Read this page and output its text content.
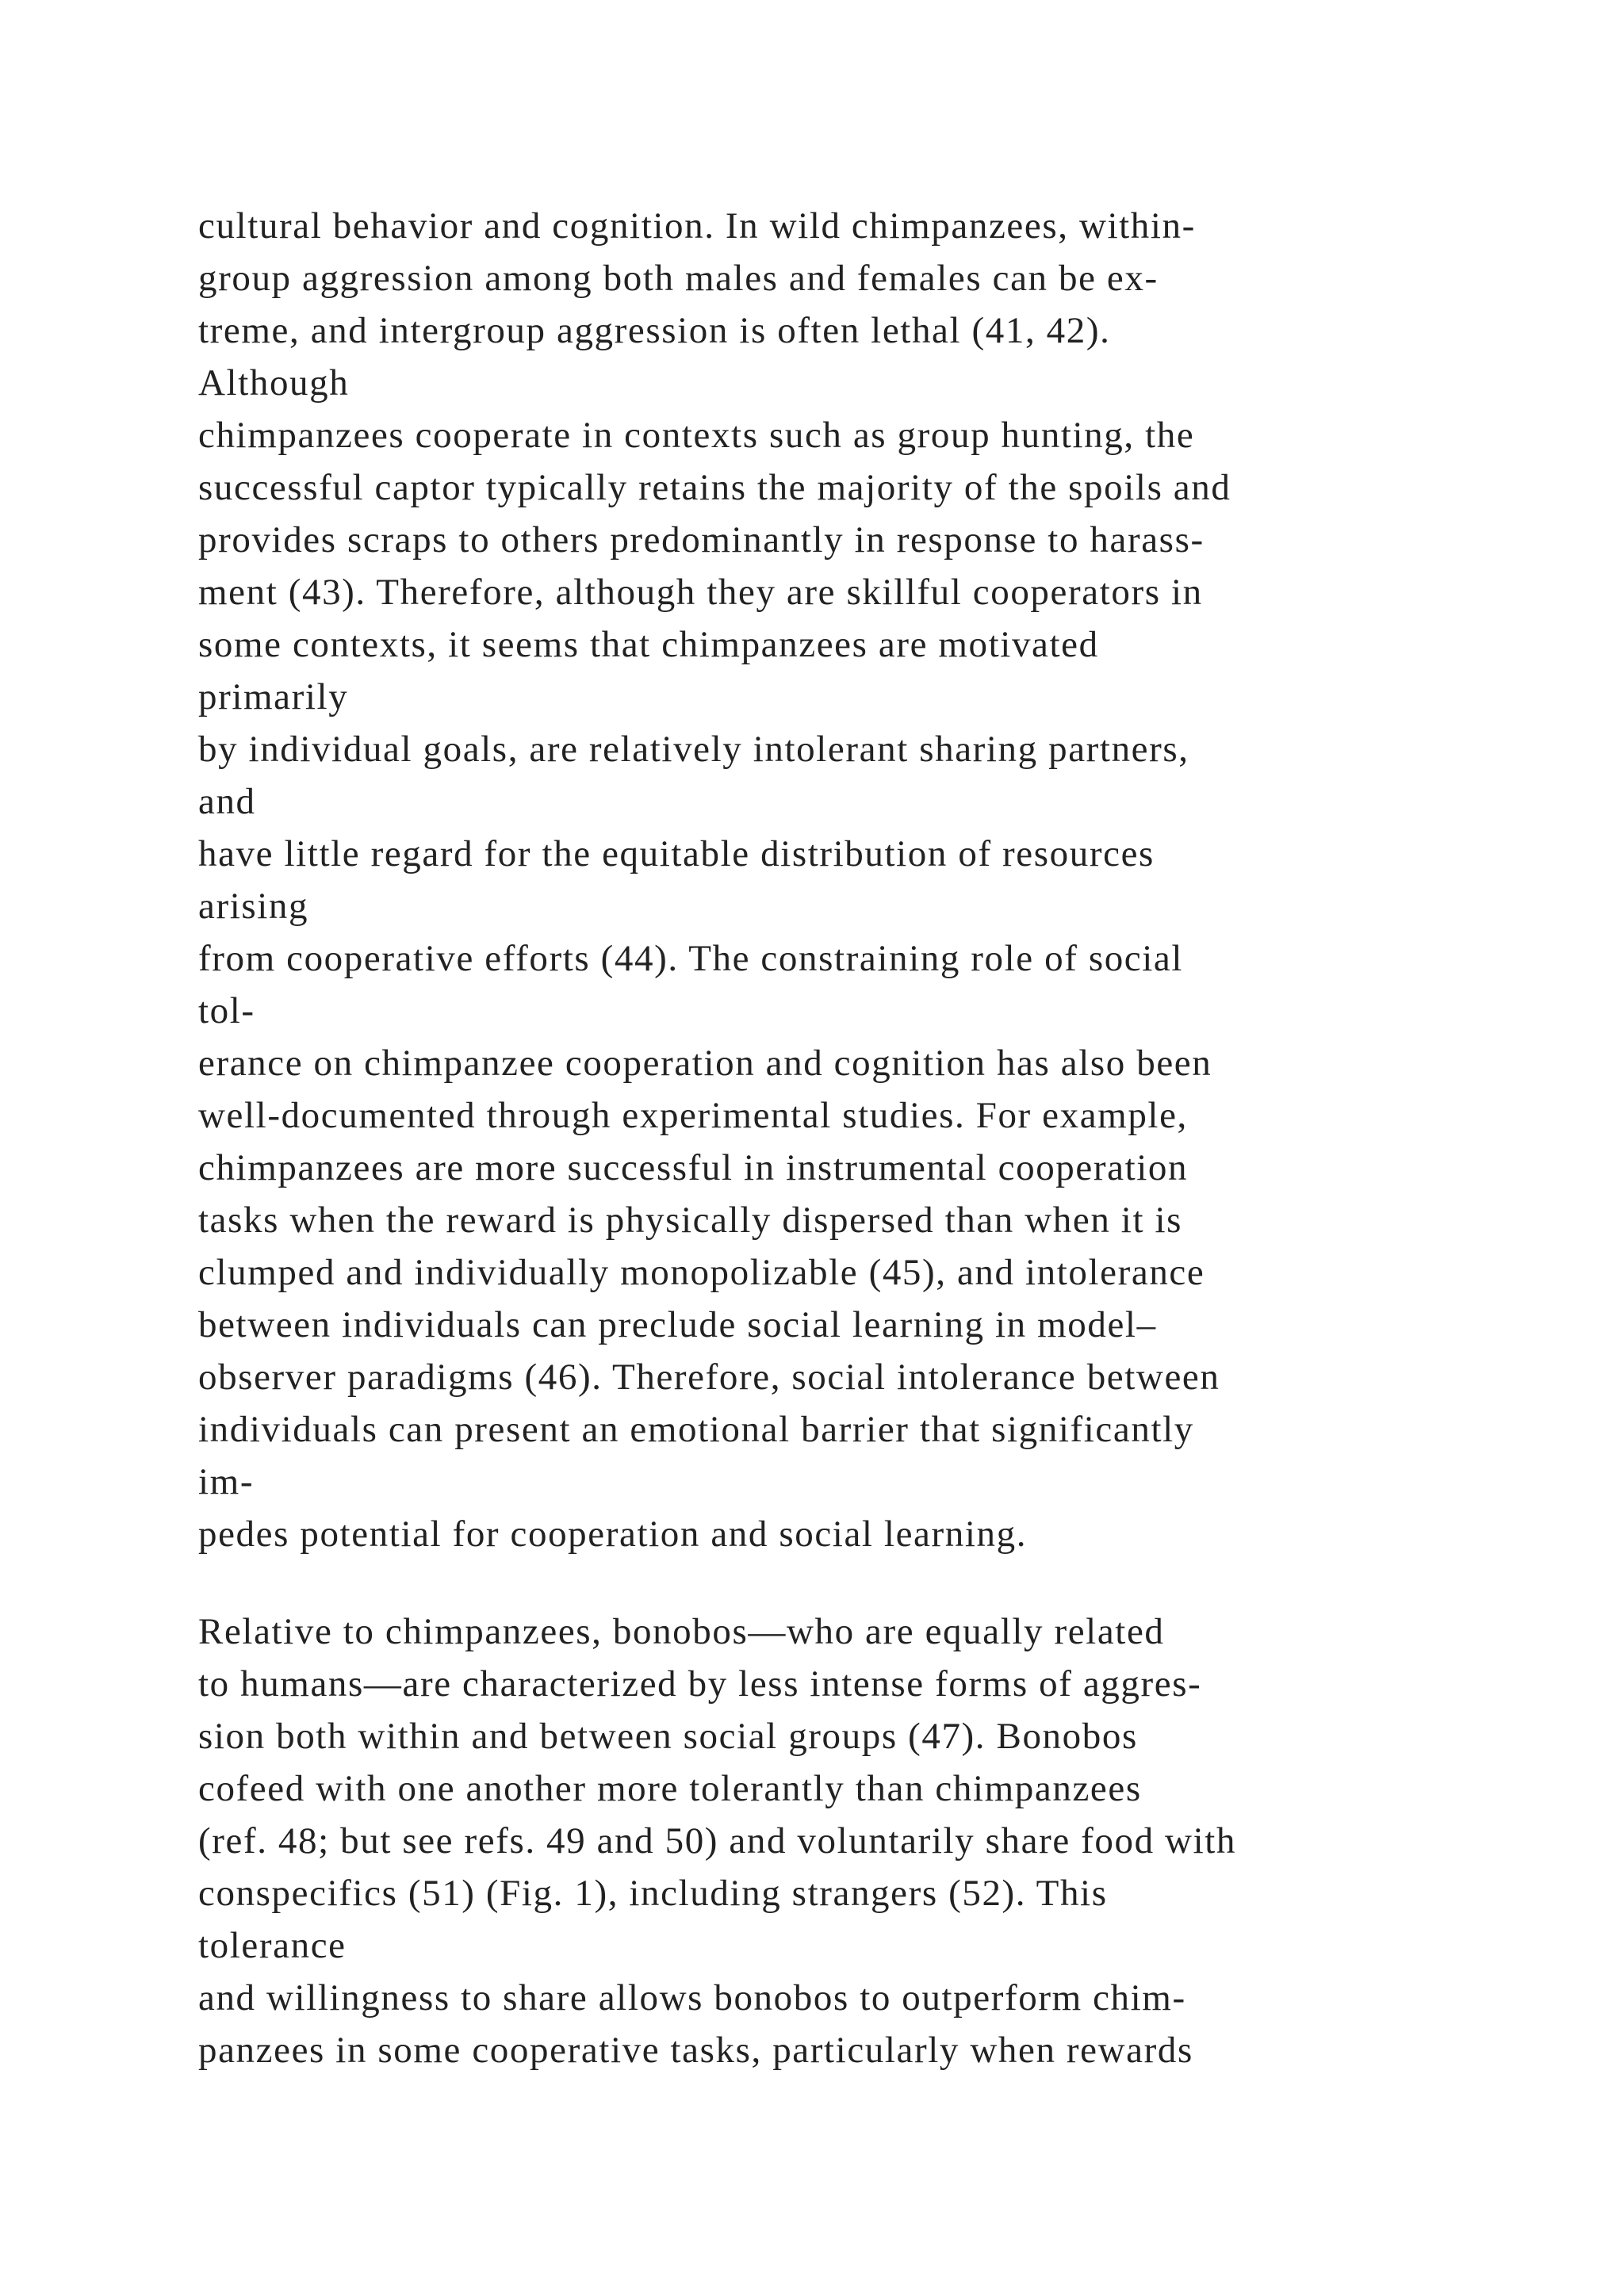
cultural behavior and cognition. In wild chimpanzees, within-
group aggression among both males and females can be ex-
treme, and intergroup aggression is often lethal (41, 42).
Although
chimpanzees cooperate in contexts such as group hunting, the
successful captor typically retains the majority of the spoils and
provides scraps to others predominantly in response to harass-
ment (43). Therefore, although they are skillful cooperators in
some contexts, it seems that chimpanzees are motivated
primarily
by individual goals, are relatively intolerant sharing partners,
and
have little regard for the equitable distribution of resources
arising
from cooperative efforts (44). The constraining role of social
tol-
erance on chimpanzee cooperation and cognition has also been
well-documented through experimental studies. For example,
chimpanzees are more successful in instrumental cooperation
tasks when the reward is physically dispersed than when it is
clumped and individually monopolizable (45), and intolerance
between individuals can preclude social learning in model–
observer paradigms (46). Therefore, social intolerance between
individuals can present an emotional barrier that significantly
im-
pedes potential for cooperation and social learning.
Relative to chimpanzees, bonobos—who are equally related
to humans—are characterized by less intense forms of aggres-
sion both within and between social groups (47). Bonobos
cofeed with one another more tolerantly than chimpanzees
(ref. 48; but see refs. 49 and 50) and voluntarily share food with
conspecifics (51) (Fig. 1), including strangers (52). This
tolerance
and willingness to share allows bonobos to outperform chim-
panzees in some cooperative tasks, particularly when rewards
